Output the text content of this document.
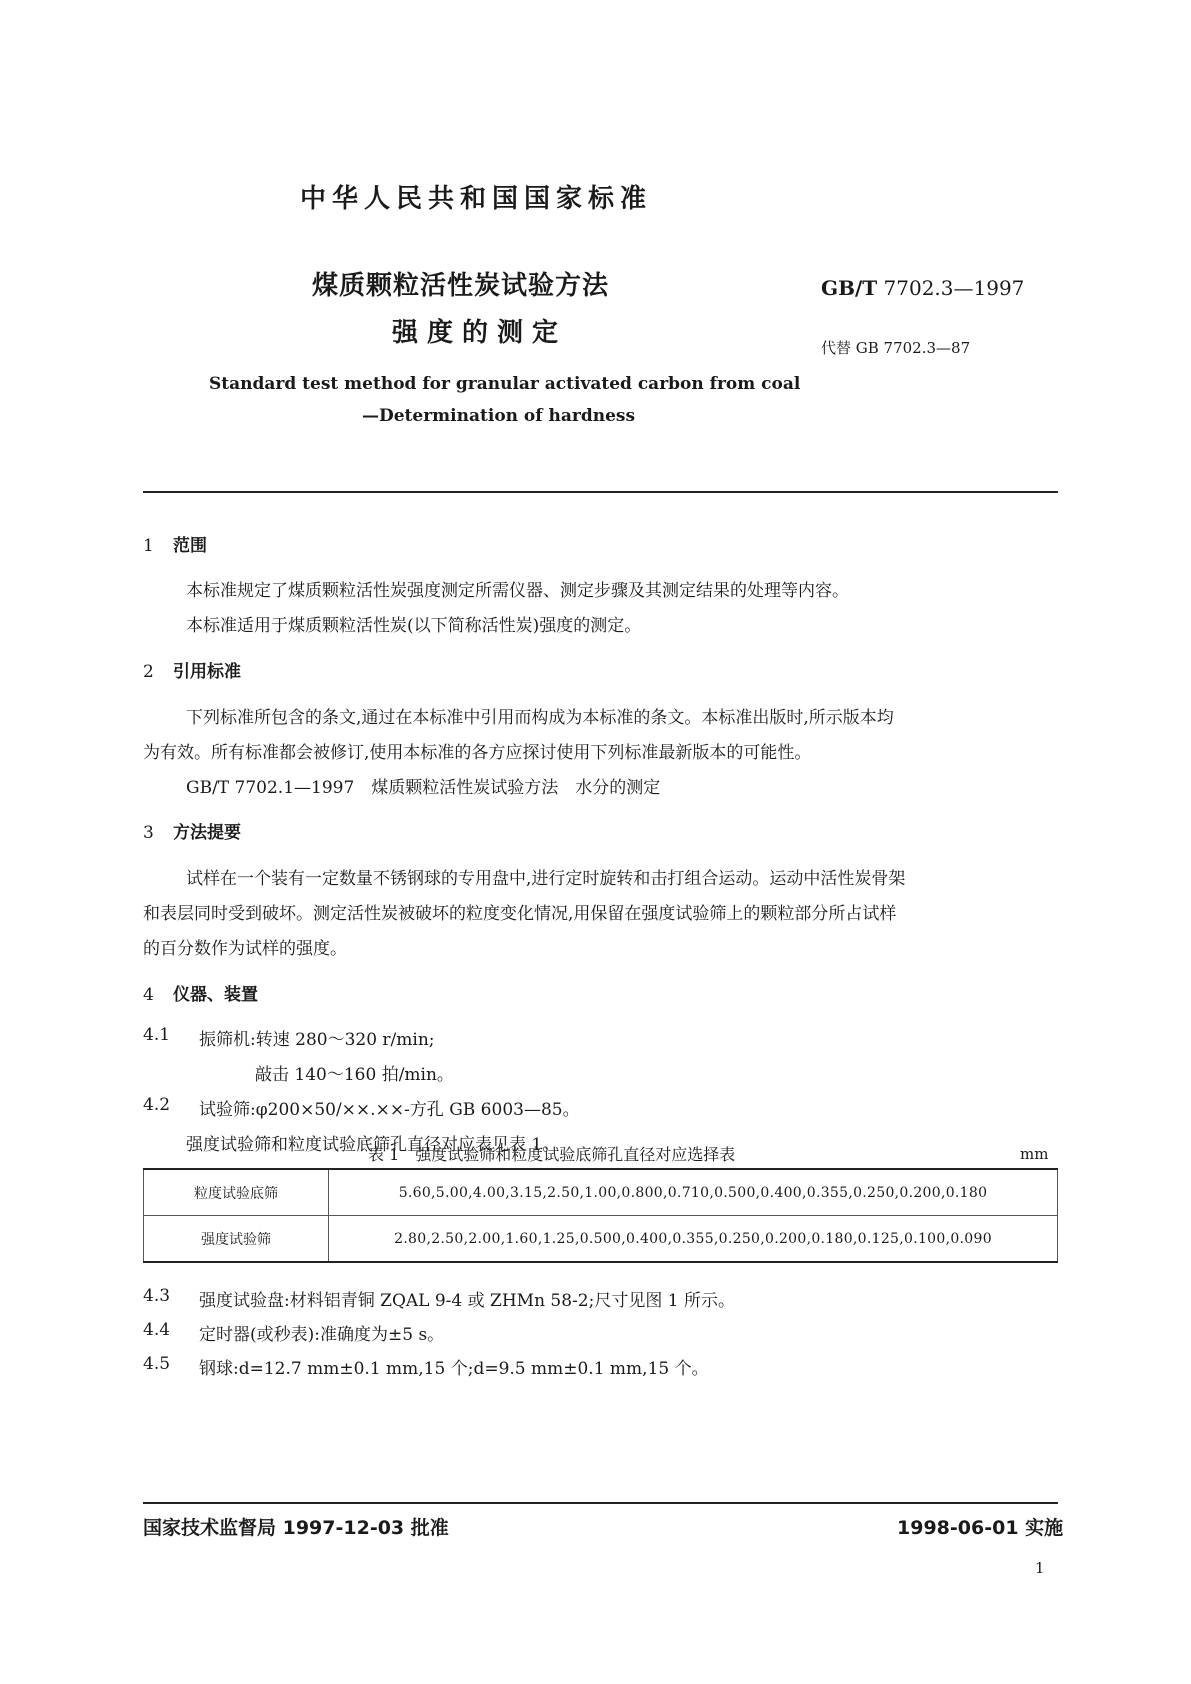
中华人民共和国国家标准
煤质颗粒活性炭试验方法
强度的测定
GB/T 7702.3—1997
代替 GB 7702.3—87
Standard test method for granular activated carbon from coal
—Determination of hardness
1 范围
本标准规定了煤质颗粒活性炭强度测定所需仪器、测定步骤及其测定结果的处理等内容。
本标准适用于煤质颗粒活性炭(以下简称活性炭)强度的测定。
2 引用标准
下列标准所包含的条文,通过在本标准中引用而构成为本标准的条文。本标准出版时,所示版本均
为有效。所有标准都会被修订,使用本标准的各方应探讨使用下列标准最新版本的可能性。
GB/T 7702.1—1997　煤质颗粒活性炭试验方法　水分的测定
3 方法提要
试样在一个装有一定数量不锈钢球的专用盘中,进行定时旋转和击打组合运动。运动中活性炭骨架
和表层同时受到破坏。测定活性炭被破坏的粒度变化情况,用保留在强度试验筛上的颗粒部分所占试样
的百分数作为试样的强度。
4 仪器、装置
4.1 振筛机:转速 280～320 r/min;
敲击 140～160 拍/min。
4.2 试验筛:φ200×50/××.××-方孔 GB 6003—85。
强度试验筛和粒度试验底筛孔直径对应表见表 1。
表 1　强度试验筛和粒度试验底筛孔直径对应选择表	mm
粒度试验底筛	5.60,5.00,4.00,3.15,2.50,1.00,0.800,0.710,0.500,0.400,0.355,0.250,0.200,0.180
强度试验筛	2.80,2.50,2.00,1.60,1.25,0.500,0.400,0.355,0.250,0.200,0.180,0.125,0.100,0.090
4.3 强度试验盘:材料铝青铜 ZQAL 9-4 或 ZHMn 58-2;尺寸见图 1 所示。
4.4 定时器(或秒表):准确度为±5 s。
4.5 钢球:d=12.7 mm±0.1 mm,15 个;d=9.5 mm±0.1 mm,15 个。
国家技术监督局 1997-12-03 批准	1998-06-01 实施
1
